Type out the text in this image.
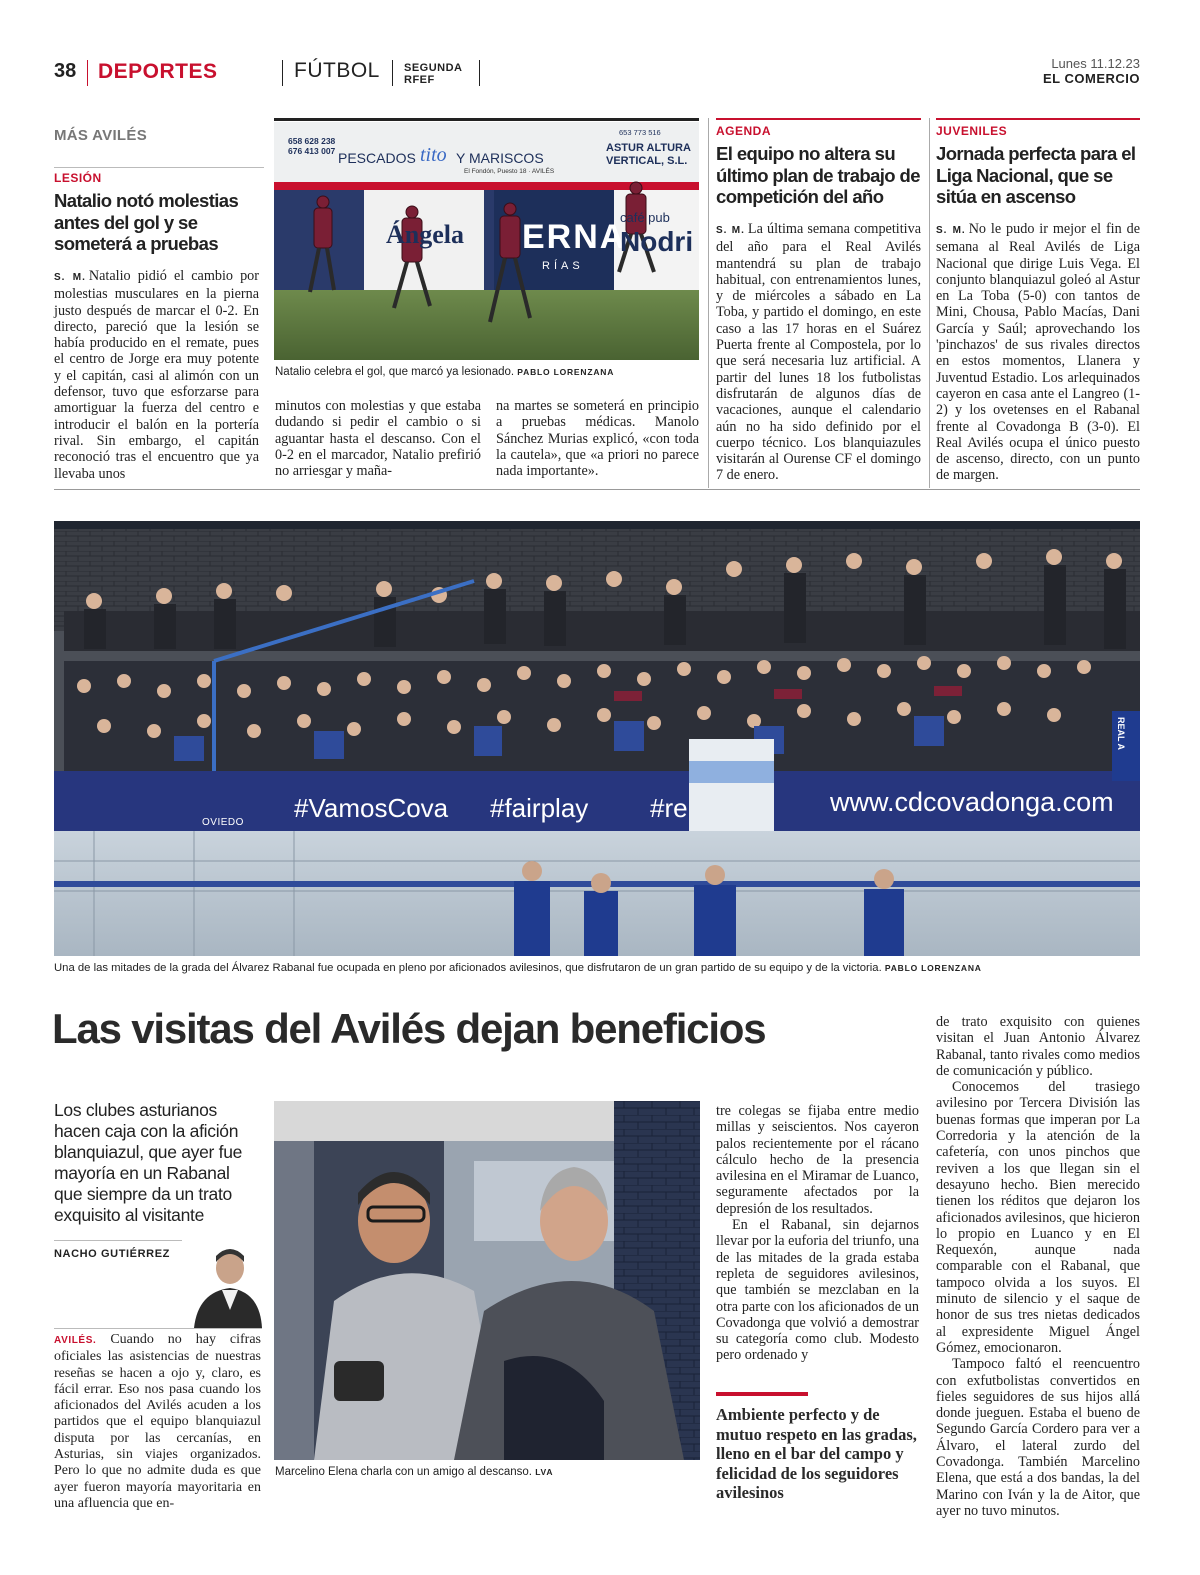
38 DEPORTES	FÚTBOL SEGUNDA
RFEF
Lunes 11.12.23
EL COMERCIO
MÁS AVILÉS
LESIÓN
Natalio notó molestias antes del gol y se someterá a pruebas

S. M. Natalio pidió el cambio por molestias musculares en la pierna justo después de marcar el 0-2. En directo, pareció que la lesión se había producido en el remate, pues el centro de Jorge era muy potente y el capitán, casi al alimón con un defensor, tuvo que esforzarse para amortiguar la fuerza del centro e introducir el balón en la portería rival. Sin embargo, el capitán reconoció tras el encuentro que ya llevaba unos

minutos con molestias y que estaba dudando si pedir el cambio o si aguantar hasta el descanso. Con el 0-2 en el marcador, Natalio prefirió no arriesgar y maña-

na martes se someterá en principio a pruebas médicas. Manolo Sánchez Murias explicó, «con toda la cautela», que «a priori no parece nada importante».

658 628 238
676 413 007 PESCADOS tito Y MARISCOS
El Fondón, Puesto 18 · AVILÉS
653 773 516
ASTUR ALTURA
VERTICAL, S.L.
Ángela ERNA
RÍAS
café pub
Nodri
Natalio celebra el gol, que marcó ya lesionado. PABLO LORENZANA
AGENDA
El equipo no altera su último plan de trabajo de competición del año

S. M. La última semana competitiva del año para el Real Avilés mantendrá su plan de trabajo habitual, con entrenamientos lunes, y de miércoles a sábado en La Toba, y partido el domingo, en este caso a las 17 horas en el Suárez Puerta frente al Compostela, por lo que será necesaria luz artificial. A partir del lunes 18 los futbolistas disfrutarán de algunos días de vacaciones, aunque el calendario aún no ha sido definido por el cuerpo técnico. Los blanquiazules visitarán al Ourense CF el domingo 7 de enero.

JUVENILES
Jornada perfecta para el Liga Nacional, que se sitúa en ascenso

S. M. No le pudo ir mejor el fin de semana al Real Avilés de Liga Nacional que dirige Luis Vega. El conjunto blanquiazul goleó al Astur en La Toba (5-0) con tantos de Mini, Chousa, Pablo Macías, Dani García y Saúl; aprovechando los 'pinchazos' de sus rivales directos en estos momentos, Llanera y Juventud Estadio. Los arlequinados cayeron en casa ante el Langreo (1-2) y los ovetenses en el Rabanal frente al Covadonga B (3-0). El Real Avilés ocupa el único puesto de ascenso, directo, con un punto de margen.

OVIEDO #VamosCova #fairplay #re	www.cdcovadonga.com
REAL A
Una de las mitades de la grada del Álvarez Rabanal fue ocupada en pleno por aficionados avilesinos, que disfrutaron de un gran partido de su equipo y de la victoria. PABLO LORENZANA
Las visitas del Avilés dejan beneficios
Los clubes asturianos hacen caja con la afición blanquiazul, que ayer fue mayoría en un Rabanal que siempre da un trato exquisito al visitante
NACHO GUTIÉRREZ

AVILÉS. Cuando no hay cifras oficiales las asistencias de nuestras reseñas se hacen a ojo y, claro, es fácil errar. Eso nos pasa cuando los aficionados del Avilés acuden a los partidos que el equipo blanquiazul disputa por las cercanías, en Asturias, sin viajes organizados. Pero lo que no admite duda es que ayer fueron mayoría mayoritaria en una afluencia que en-

Marcelino Elena charla con un amigo al descanso. LVA

tre colegas se fijaba entre medio millas y seiscientos. Nos cayeron palos recientemente por el rácano cálculo hecho de la presencia avilesina en el Miramar de Luanco, seguramente afectados por la depresión de los resultados.

En el Rabanal, sin dejarnos llevar por la euforia del triunfo, una de las mitades de la grada estaba repleta de seguidores avilesinos, que también se mezclaban en la otra parte con los aficionados de un Covadonga que volvió a demostrar su categoría como club. Modesto pero ordenado y

Ambiente perfecto y de mutuo respeto en las gradas, lleno en el bar del campo y felicidad de los seguidores avilesinos

de trato exquisito con quienes visitan el Juan Antonio Álvarez Rabanal, tanto rivales como medios de comunicación y público.

Conocemos del trasiego avilesino por Tercera División las buenas formas que imperan por La Corredoria y la atención de la cafetería, con unos pinchos que reviven a los que llegan sin el desayuno hecho. Bien merecido tienen los réditos que dejaron los aficionados avilesinos, que hicieron lo propio en Luanco y en El Requexón, aunque nada comparable con el Rabanal, que tampoco olvida a los suyos. El minuto de silencio y el saque de honor de sus tres nietas dedicados al expresidente Miguel Ángel Gómez, emocionaron.

Tampoco faltó el reencuentro con exfutbolistas convertidos en fieles seguidores de sus hijos allá donde jueguen. Estaba el bueno de Segundo García Cordero para ver a Álvaro, el lateral zurdo del Covadonga. También Marcelino Elena, que está a dos bandas, la del Marino con Iván y la de Aitor, que ayer no tuvo minutos.
